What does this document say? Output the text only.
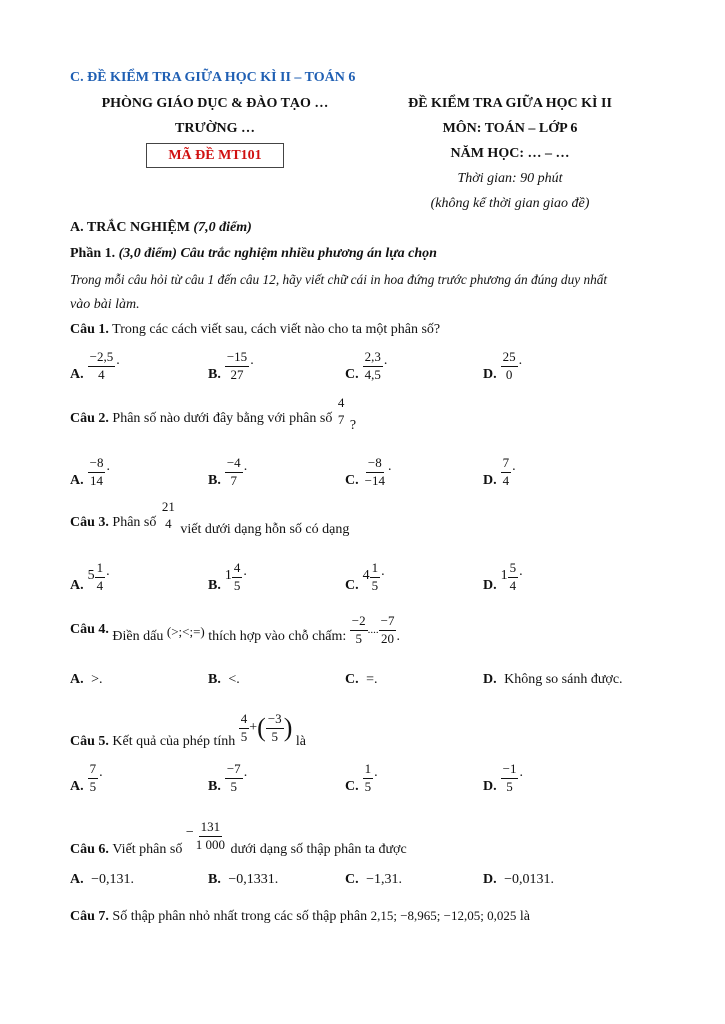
C. ĐỀ KIỂM TRA GIỮA HỌC KÌ II – TOÁN 6
PHÒNG GIÁO DỤC & ĐÀO TẠO …
TRƯỜNG …
MÃ ĐỀ MT101
ĐỀ KIỂM TRA GIỮA HỌC KÌ II
MÔN: TOÁN – LỚP 6
NĂM HỌC: … – …
Thời gian: 90 phút
(không kể thời gian giao đề)
A. TRẮC NGHIỆM (7,0 điểm)
Phần 1. (3,0 điểm) Câu trắc nghiệm nhiều phương án lựa chọn
Trong mỗi câu hỏi từ câu 1 đến câu 12, hãy viết chữ cái in hoa đứng trước phương án đúng duy nhất
vào bài làm.
Câu 1. Trong các cách viết sau, cách viết nào cho ta một phân số?
A. $\frac{-2,5}{4}$ .
B. $\frac{-15}{27}$ .
C. $\frac{2,3}{4,5}$ .
D. $\frac{25}{0}$ .
Câu 2.
Phân số nào dưới đây bằng với phân số

4
7
?
A. $\frac{-8}{14}$ .
B. $\frac{-4}{7}$ .
C. $\frac{-8}{-14}$ .
D. $\frac{7}{4}$ .
Câu 3.
Phân số

21
4
viết dưới dạng hỗn số có dạng
A.
$5 \frac{1}{4}$ .
B.
$1 \frac{4}{5}$ .
C.
$4 \frac{1}{5}$ .
D.
$1 \frac{5}{4}$ .
Câu 4.
Điền dấu
(>;<;=)
thích hợp vào chỗ chấm:
$\frac{-2}{5}$ .... $\frac{-7}{20}$ .
A. >.	B. <.	C. =.	D. Không so sánh được.
Câu 5.
Kết quả của phép tính
$\frac{4}{5}$ + ( $\frac{-3}{5}$ )
là
A. $\frac{7}{5}$ .
B. $\frac{-7}{5}$ .
C. $\frac{1}{5}$ .
D. $\frac{-1}{5}$ .
Câu 6.
Viết phân số

− $\frac{131}{1 000}$
dưới dạng số thập phân ta được
A. −0,131.	B. −0,1331.	C. −1,31.	D. −0,0131.
Câu 7. Số thập phân nhỏ nhất trong các số thập phân 2,15; −8,965; −12,05; 0,025 là
